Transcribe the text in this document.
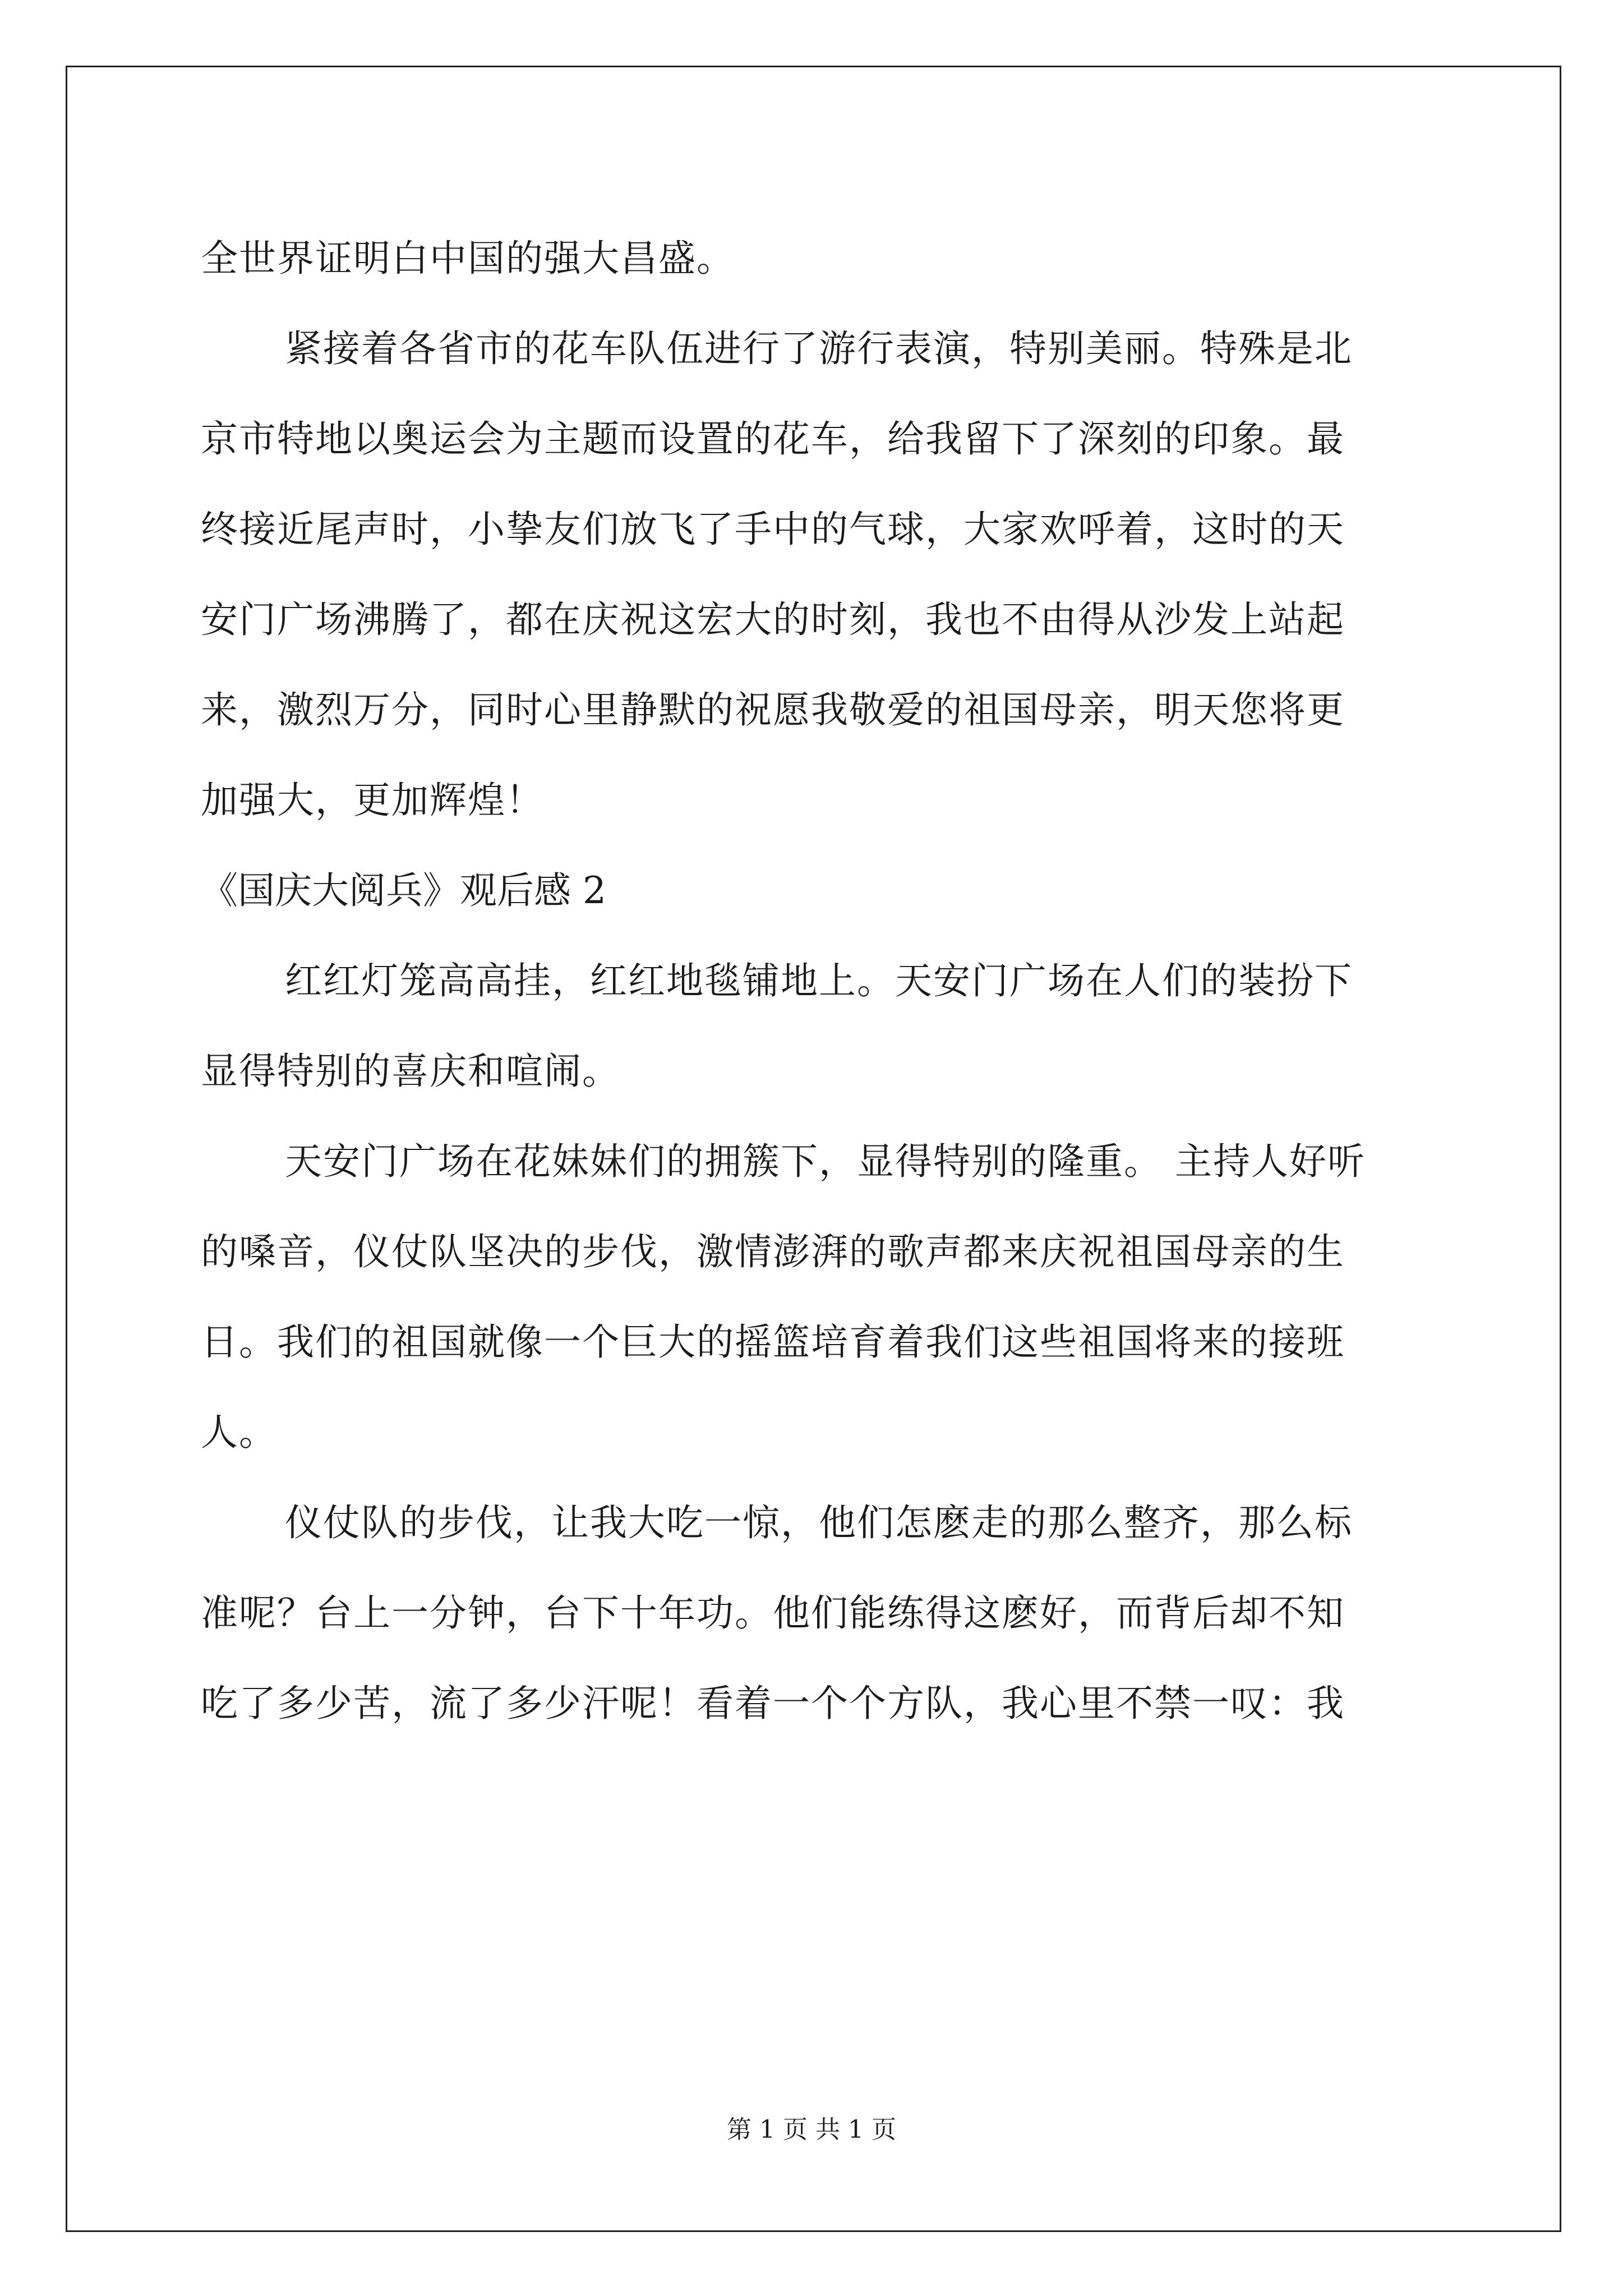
全世界证明白中国的强大昌盛。
紧接着各省市的花车队伍进行了游行表演，特别美丽。特殊是北
京市特地以奥运会为主题而设置的花车，给我留下了深刻的印象。最
终接近尾声时，小挚友们放飞了手中的气球，大家欢呼着，这时的天
安门广场沸腾了，都在庆祝这宏大的时刻，我也不由得从沙发上站起
来，激烈万分，同时心里静默的祝愿我敬爱的祖国母亲，明天您将更
加强大，更加辉煌！
《国庆大阅兵》观后感 2
红红灯笼高高挂，红红地毯铺地上。天安门广场在人们的装扮下
显得特别的喜庆和喧闹。
天安门广场在花妹妹们的拥簇下，显得特别的隆重。 主持人好听
的嗓音，仪仗队坚决的步伐，激情澎湃的歌声都来庆祝祖国母亲的生
日。我们的祖国就像一个巨大的摇篮培育着我们这些祖国将来的接班
人。
仪仗队的步伐，让我大吃一惊，他们怎麽走的那么整齐，那么标
准呢？台上一分钟，台下十年功。他们能练得这麽好，而背后却不知
吃了多少苦，流了多少汗呢！看着一个个方队，我心里不禁一叹：我
第 1 页 共 1 页
